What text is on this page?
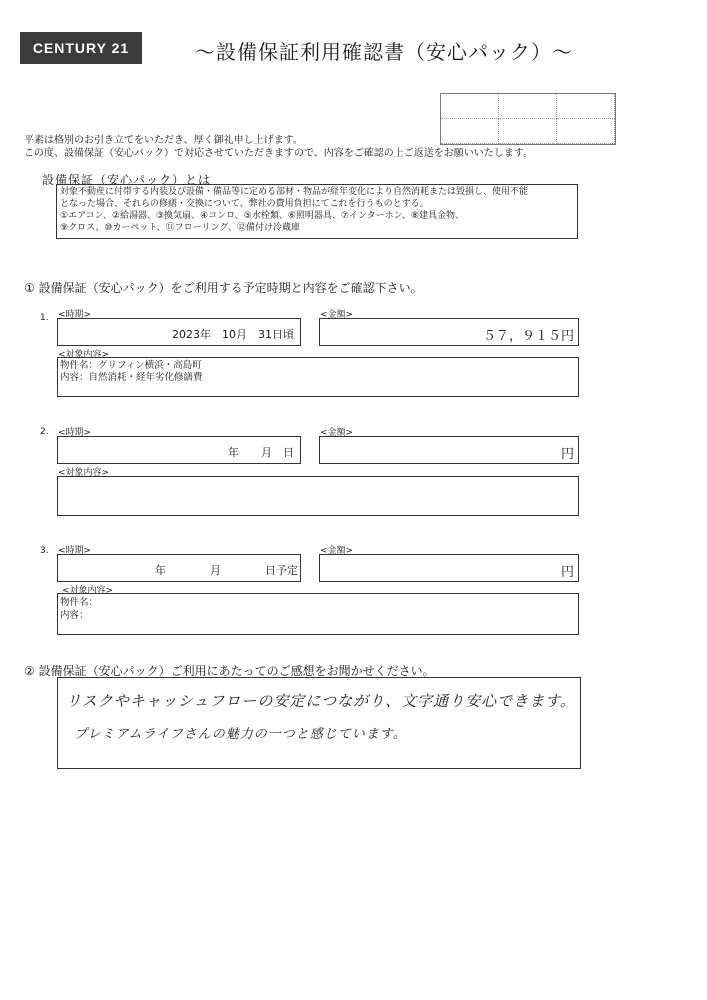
CENTURY 21	〜設備保証利用確認書（安心パック）〜
平素は格別のお引き立てをいただき、厚く御礼申し上げます。
この度、設備保証（安心パック）で対応させていただきますので、内容をご確認の上ご返送をお願いいたします。
設備保証（安心パック）とは
対象不動産に付帯する内装及び設備・備品等に定める部材・物品が経年変化により自然消耗または毀損し、使用不能
となった場合、それらの修繕・交換について、弊社の費用負担にてこれを行うものとする。
①エアコン、②給湯器、③換気扇、④コンロ、⑤水栓類、⑥照明器具、⑦インターホン、⑧建具金物、
⑨クロス、⑩カーペット、⑪フローリング、⑫備付け冷蔵庫
① 設備保証（安心パック）をご利用する予定時期と内容をご確認下さい。
1. <時期>
2023年　10月　31日頃
<金額>
５７，９１５円
<対象内容>
物件名：グリフィン横浜・高島町
内容：自然消耗・経年劣化修繕費
2. <時期>
年　　月　日
<金額>
円
<対象内容>
3. <時期>
年　　　　月　　　　日予定
<金額>
円
<対象内容>
物件名：
内容：
② 設備保証（安心パック）ご利用にあたってのご感想をお聞かせください。
リスクやキャッシュフローの安定につながり、文字通り安心できます。
プレミアムライフさんの魅力の一つと感じています。
